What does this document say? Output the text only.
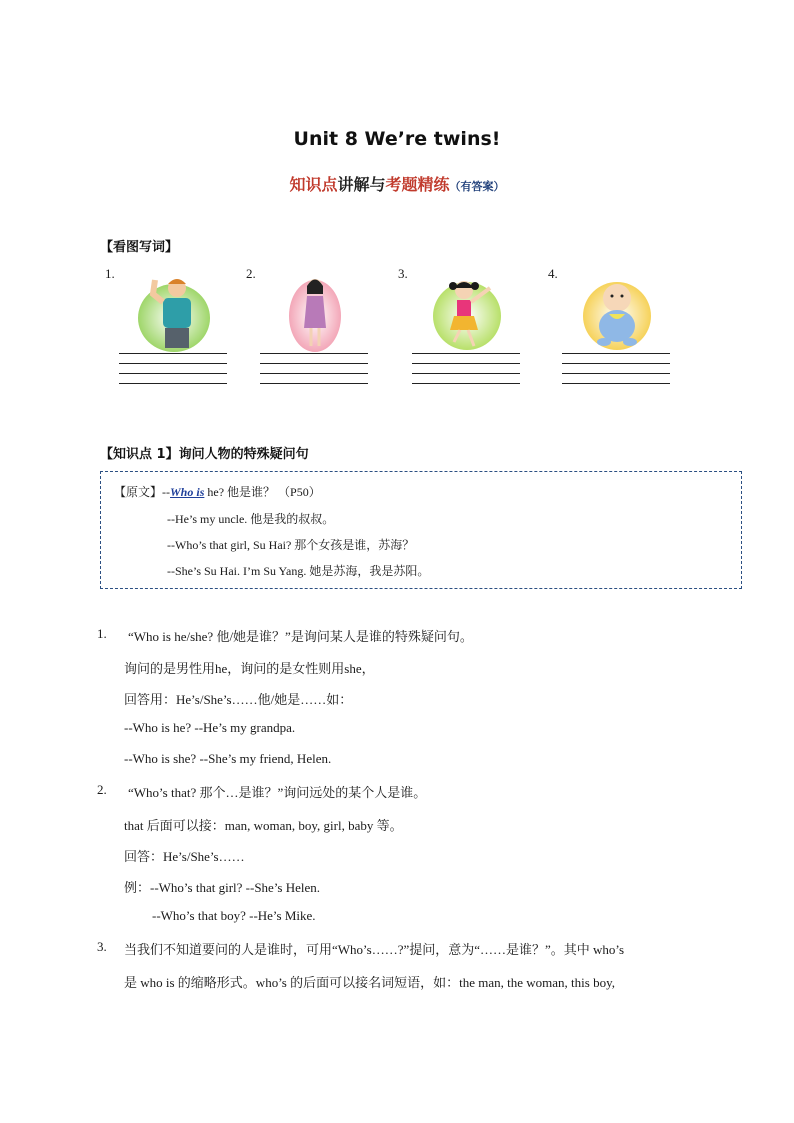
Unit 8 We’re twins!
知识点讲解与考题精练（有答案）
【看图写词】
1.	2.	3.	4.
【知识点 1】询问人物的特殊疑问句
【原文】--Who is he? 他是谁？ （P50）
--He’s my uncle. 他是我的叔叔。
--Who’s that girl, Su Hai? 那个女孩是谁，苏海？
--She’s Su Hai. I’m Su Yang. 她是苏海，我是苏阳。
1. “Who is he/she? 他/她是谁？”是询问某人是谁的特殊疑问句。
询问的是男性用he，询问的是女性则用she，
回答用：He’s/She’s……他/她是……如：
--Who is he? --He’s my grandpa.
--Who is she? --She’s my friend, Helen.
2. “Who’s that? 那个…是谁？”询问远处的某个人是谁。
that 后面可以接：man, woman, boy, girl, baby 等。
回答：He’s/She’s……
例：--Who’s that girl? --She’s Helen.
--Who’s that boy? --He’s Mike.
3. 当我们不知道要问的人是谁时，可用“Who’s……?”提问，意为“……是谁？”。其中 who’s
是 who is 的缩略形式。who’s 的后面可以接名词短语，如：the man, the woman, this boy,
